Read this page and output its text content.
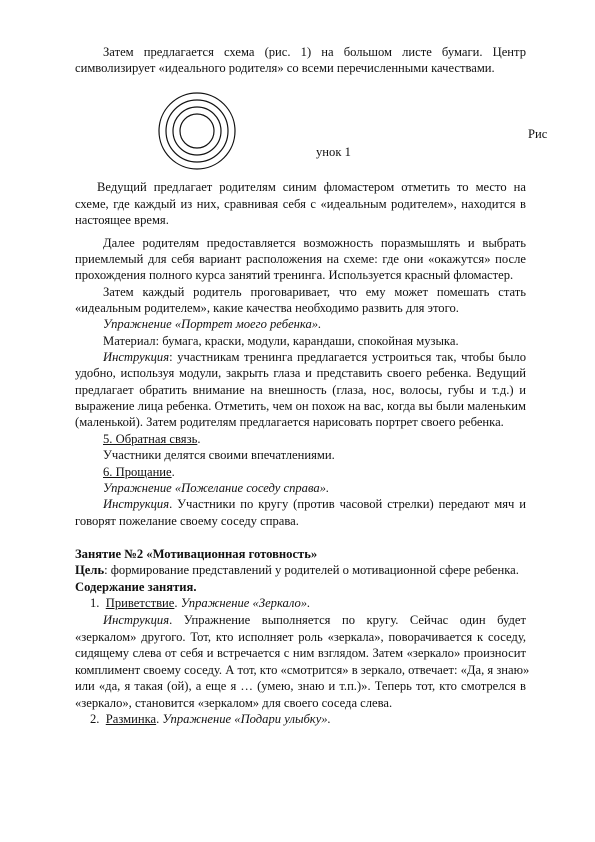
Затем предлагается схема (рис. 1) на большом листе бумаги. Центр
символизирует «идеального родителя» со всеми перечисленными качествами.
Рис
унок 1
Ведущий предлагает родителям синим фломастером отметить то место на
схеме, где каждый из них, сравнивая себя с «идеальным родителем», находится в
настоящее время.
Далее родителям предоставляется возможность поразмышлять и выбрать
приемлемый для себя вариант расположения на схеме: где они «окажутся» после
прохождения полного курса занятий тренинга. Используется красный фломастер.
Затем каждый родитель проговаривает, что ему может помешать стать
«идеальным родителем», какие качества необходимо развить для этого.
Упражнение «Портрет моего ребенка».
Материал: бумага, краски, модули, карандаши, спокойная музыка.
Инструкция: участникам тренинга предлагается устроиться так, чтобы было
удобно, используя модули, закрыть глаза и представить своего ребенка. Ведущий
предлагает обратить внимание на внешность (глаза, нос, волосы, губы и т.д.) и
выражение лица ребенка. Отметить, чем он похож на вас, когда вы были маленьким
(маленькой). Затем родителям предлагается нарисовать портрет своего ребенка.
5. Обратная связь.
Участники делятся своими впечатлениями.
6. Прощание.
Упражнение «Пожелание соседу справа».
Инструкция. Участники по кругу (против часовой стрелки) передают мяч и
говорят пожелание своему соседу справа.
Занятие №2 «Мотивационная готовность»
Цель: формирование представлений у родителей о мотивационной сфере ребенка.
Содержание занятия.
1. Приветствие. Упражнение «Зеркало».
Инструкция. Упражнение выполняется по кругу. Сейчас один будет
«зеркалом» другого. Тот, кто исполняет роль «зеркала», поворачивается к соседу,
сидящему слева от себя и встречается с ним взглядом. Затем «зеркало» произносит
комплимент своему соседу. А тот, кто «смотрится» в зеркало, отвечает: «Да, я знаю»
или «да, я такая (ой), а еще я … (умею, знаю и т.п.)». Теперь тот, кто смотрелся в
«зеркало», становится «зеркалом» для своего соседа слева.
2. Разминка. Упражнение «Подари улыбку».
